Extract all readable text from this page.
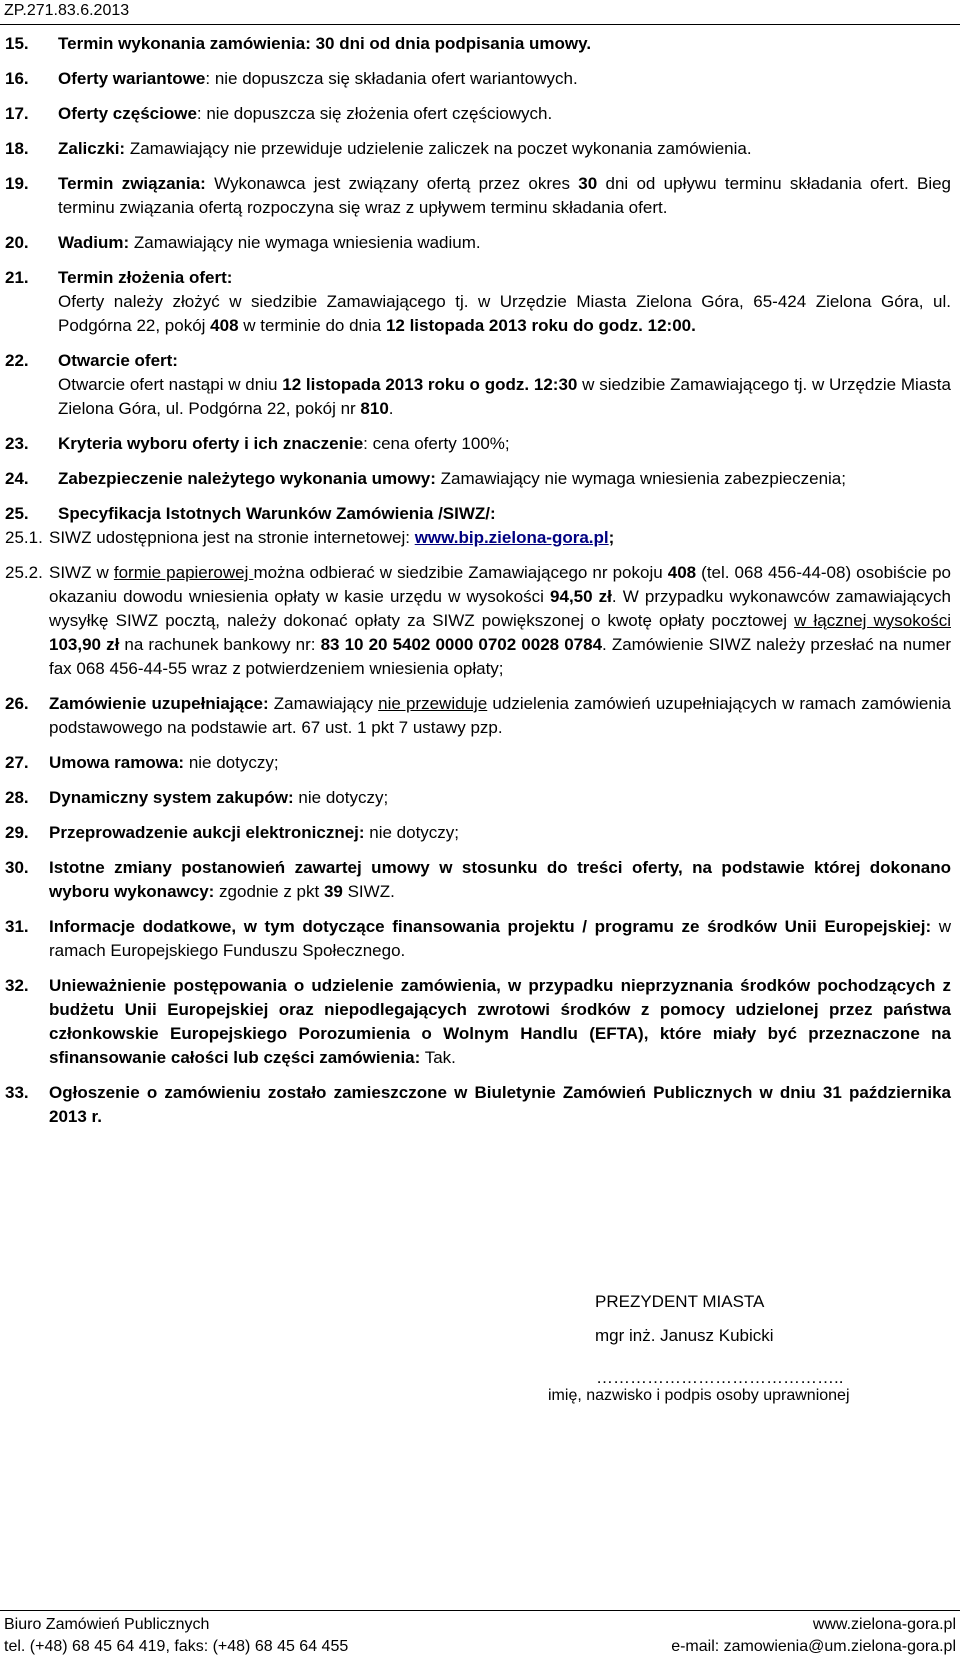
ZP.271.83.6.2013
15.	Termin wykonania zamówienia: 30 dni od dnia podpisania umowy.
16.	Oferty wariantowe: nie dopuszcza się składania ofert wariantowych.
17.	Oferty częściowe: nie dopuszcza się złożenia ofert częściowych.
18.	Zaliczki: Zamawiający nie przewiduje udzielenie zaliczek na poczet wykonania zamówienia.
19.	Termin związania: Wykonawca jest związany ofertą przez okres 30 dni od upływu terminu składania ofert. Bieg terminu związania ofertą rozpoczyna się wraz z upływem terminu składania ofert.
20.	Wadium: Zamawiający nie wymaga wniesienia wadium.
21.	Termin złożenia ofert:
Oferty należy złożyć w siedzibie Zamawiającego tj. w Urzędzie Miasta Zielona Góra, 65-424 Zielona Góra, ul. Podgórna 22, pokój 408 w terminie do dnia 12 listopada 2013 roku do godz. 12:00.
22.	Otwarcie ofert:
Otwarcie ofert nastąpi w dniu 12 listopada 2013 roku o godz. 12:30 w siedzibie Zamawiającego tj. w Urzędzie Miasta Zielona Góra, ul. Podgórna 22, pokój nr 810.
23.	Kryteria wyboru oferty i ich znaczenie: cena oferty 100%;
24.	Zabezpieczenie należytego wykonania umowy: Zamawiający nie wymaga wniesienia zabezpieczenia;
25.	Specyfikacja Istotnych Warunków Zamówienia /SIWZ/:
25.1. SIWZ udostępniona jest na stronie internetowej: www.bip.zielona-gora.pl;
25.2. SIWZ w formie papierowej można odbierać w siedzibie Zamawiającego nr pokoju 408 (tel. 068 456-44-08) osobiście po okazaniu dowodu wniesienia opłaty w kasie urzędu w wysokości 94,50 zł. W przypadku wykonawców zamawiających wysyłkę SIWZ pocztą, należy dokonać opłaty za SIWZ powiększonej o kwotę opłaty pocztowej w łącznej wysokości 103,90 zł na rachunek bankowy nr: 83 10 20 5402 0000 0702 0028 0784. Zamówienie SIWZ należy przesłać na numer fax 068 456-44-55 wraz z potwierdzeniem wniesienia opłaty;
26.	Zamówienie uzupełniające: Zamawiający nie przewiduje udzielenia zamówień uzupełniających w ramach zamówienia podstawowego na podstawie art. 67 ust. 1 pkt 7 ustawy pzp.
27.	Umowa ramowa: nie dotyczy;
28.	Dynamiczny system zakupów: nie dotyczy;
29.	Przeprowadzenie aukcji elektronicznej: nie dotyczy;
30.	Istotne zmiany postanowień zawartej umowy w stosunku do treści oferty, na podstawie której dokonano wyboru wykonawcy: zgodnie z pkt 39 SIWZ.
31.	Informacje dodatkowe, w tym dotyczące finansowania projektu / programu ze środków Unii Europejskiej: w ramach Europejskiego Funduszu Społecznego.
32.	Unieważnienie postępowania o udzielenie zamówienia, w przypadku nieprzyznania środków pochodzących z budżetu Unii Europejskiej oraz niepodlegających zwrotowi środków z pomocy udzielonej przez państwa członkowskie Europejskiego Porozumienia o Wolnym Handlu (EFTA), które miały być przeznaczone na sfinansowanie całości lub części zamówienia: Tak.
33.	Ogłoszenie o zamówieniu zostało zamieszczone w Biuletynie Zamówień Publicznych w dniu 31 października 2013 r.
PREZYDENT MIASTA
mgr inż. Janusz Kubicki
……………………………………..
imię, nazwisko i podpis osoby uprawnionej
Biuro Zamówień Publicznych	www.zielona-gora.pl
tel. (+48) 68 45 64 419, faks: (+48) 68 45 64 455	e-mail: zamowienia@um.zielona-gora.pl
